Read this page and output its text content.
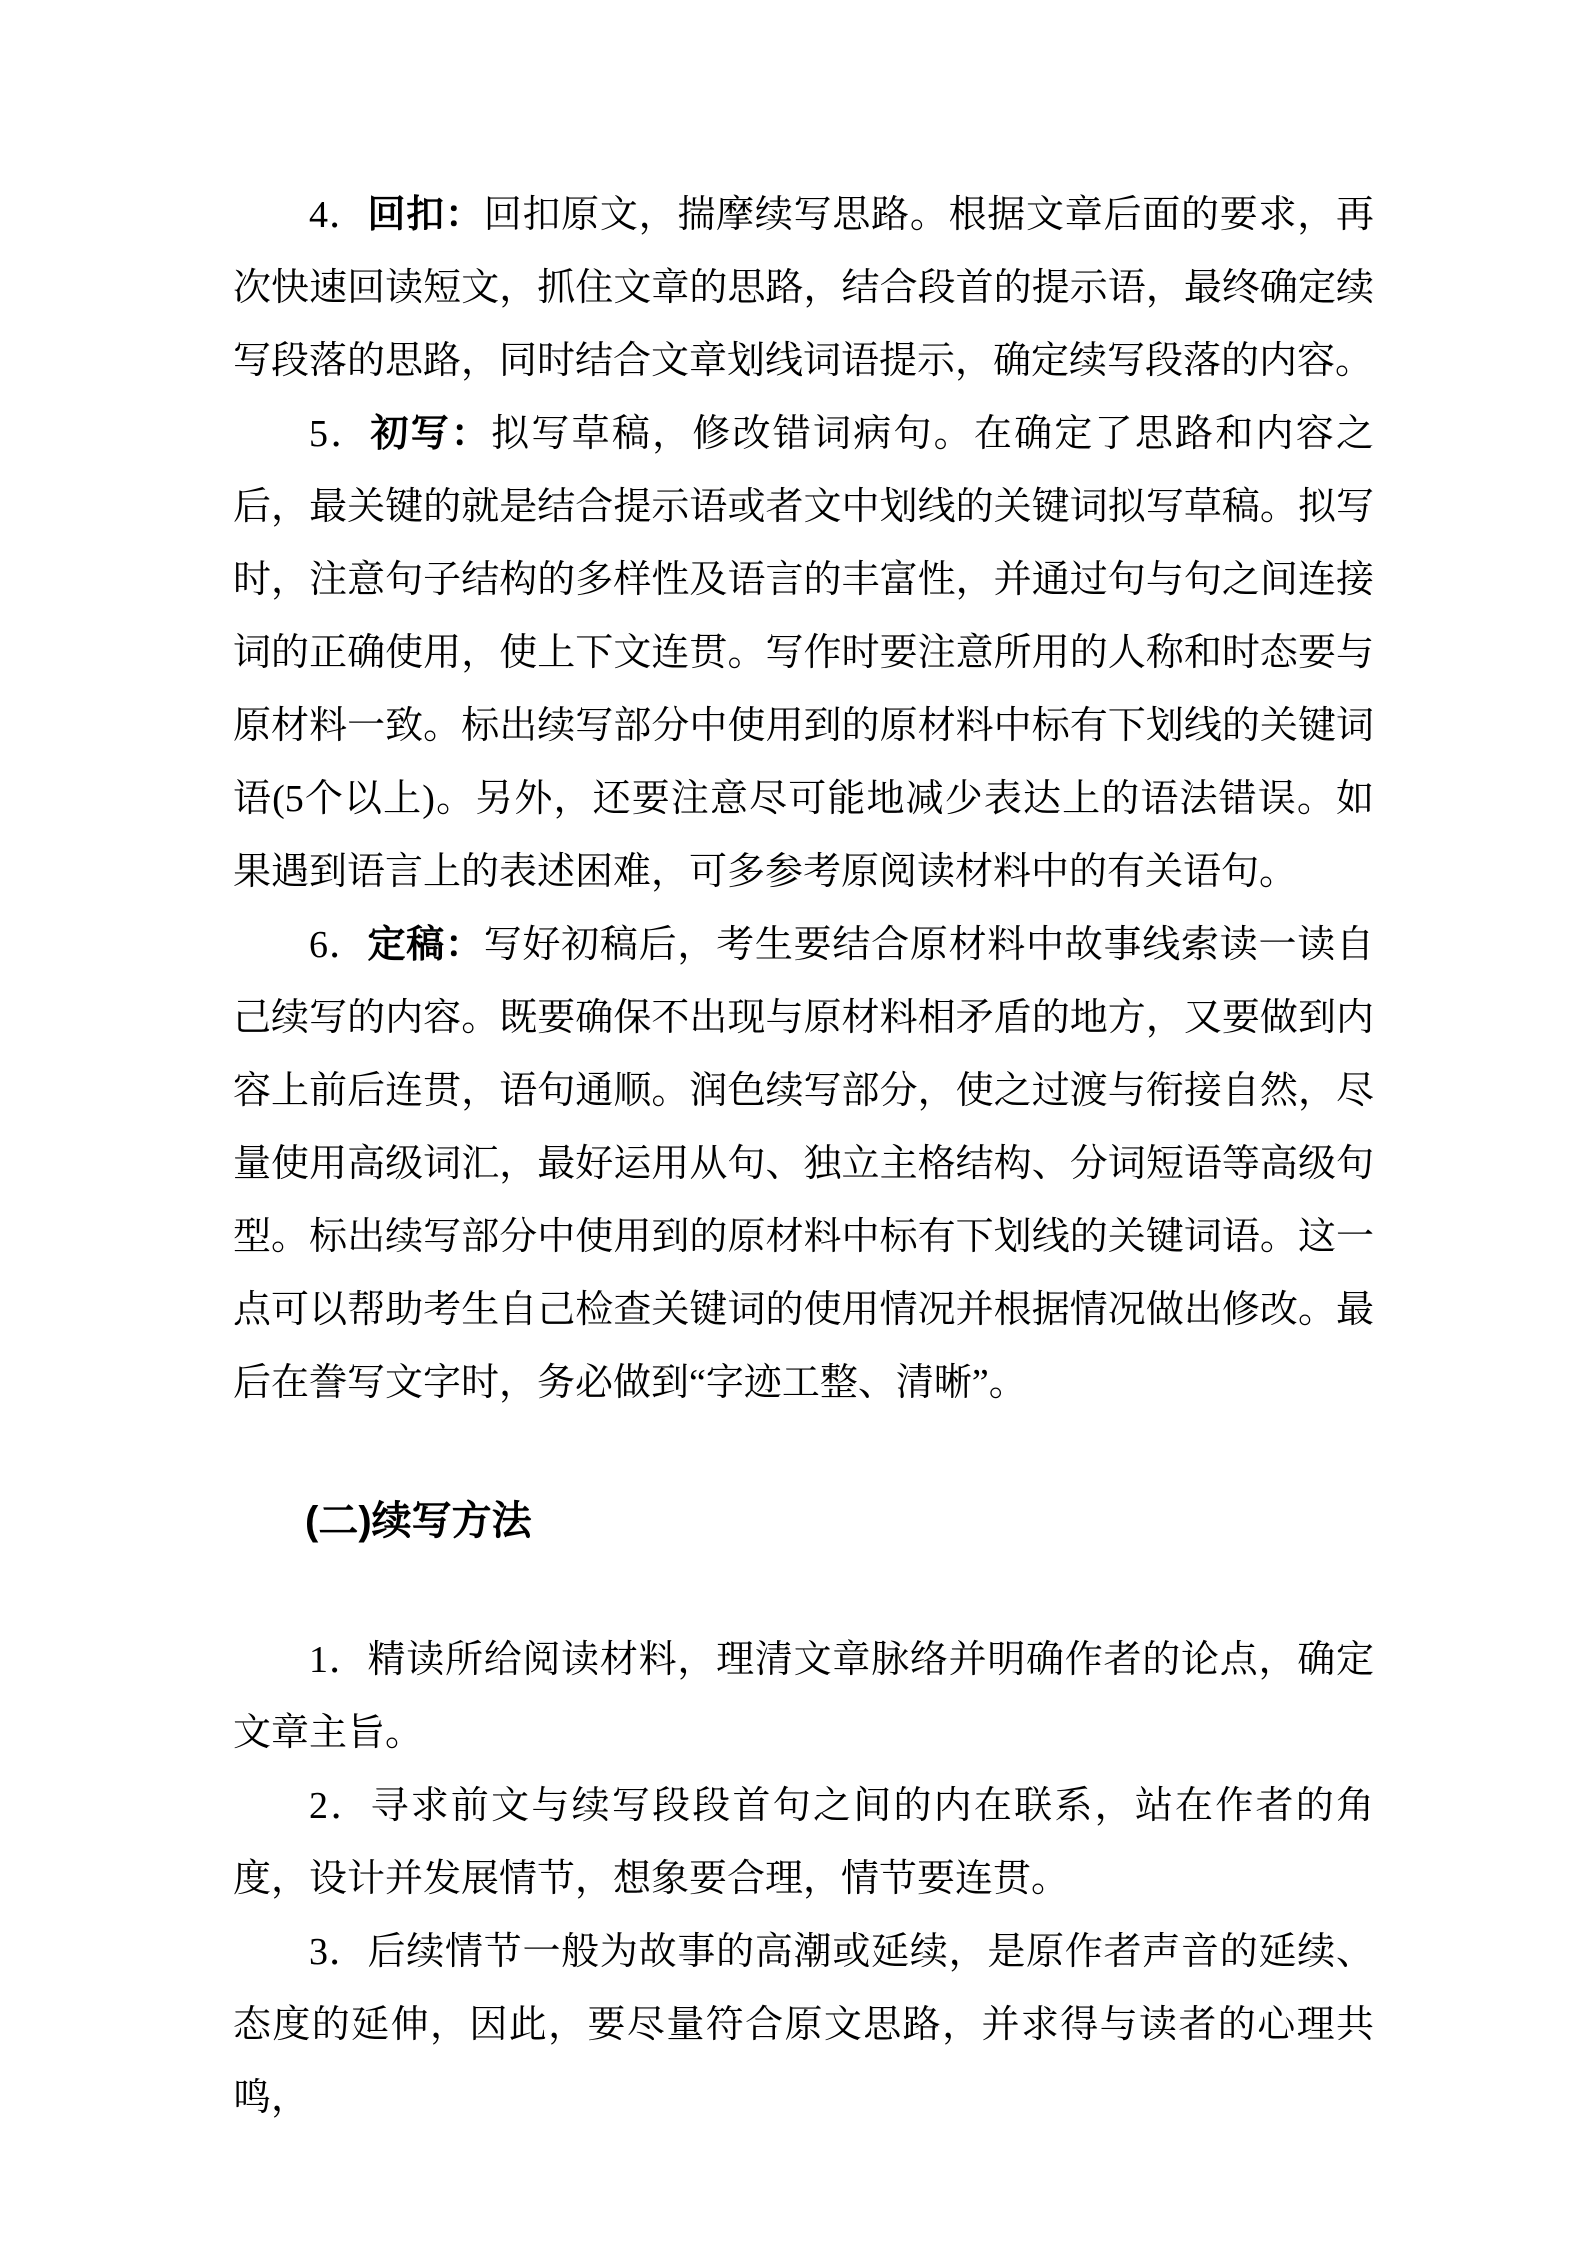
4．回扣：回扣原文，揣摩续写思路。根据文章后面的要求，再次快速回读短文，抓住文章的思路，结合段首的提示语，最终确定续写段落的思路，同时结合文章划线词语提示，确定续写段落的内容。

5．初写：拟写草稿，修改错词病句。在确定了思路和内容之后，最关键的就是结合提示语或者文中划线的关键词拟写草稿。拟写时，注意句子结构的多样性及语言的丰富性，并通过句与句之间连接词的正确使用，使上下文连贯。写作时要注意所用的人称和时态要与原材料一致。标出续写部分中使用到的原材料中标有下划线的关键词语(5个以上)。另外，还要注意尽可能地减少表达上的语法错误。如果遇到语言上的表述困难，可多参考原阅读材料中的有关语句。

6．定稿：写好初稿后，考生要结合原材料中故事线索读一读自己续写的内容。既要确保不出现与原材料相矛盾的地方，又要做到内容上前后连贯，语句通顺。润色续写部分，使之过渡与衔接自然，尽量使用高级词汇，最好运用从句、独立主格结构、分词短语等高级句型。标出续写部分中使用到的原材料中标有下划线的关键词语。这一点可以帮助考生自己检查关键词的使用情况并根据情况做出修改。最后在誊写文字时，务必做到“字迹工整、清晰”。

(二)续写方法

1．精读所给阅读材料，理清文章脉络并明确作者的论点，确定文章主旨。

2．寻求前文与续写段段首句之间的内在联系，站在作者的角度，设计并发展情节，想象要合理，情节要连贯。

3．后续情节一般为故事的高潮或延续，是原作者声音的延续、态度的延伸，因此，要尽量符合原文思路，并求得与读者的心理共鸣，
